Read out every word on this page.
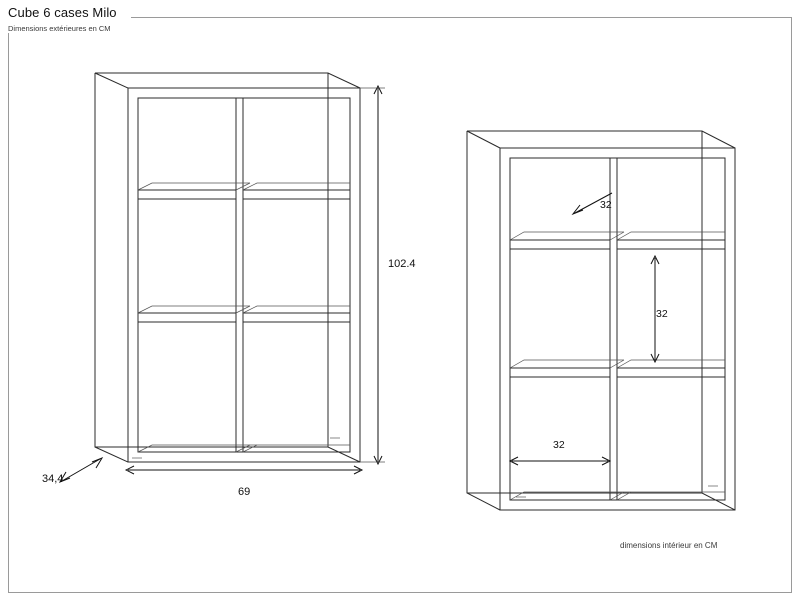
Cube 6 cases Milo
Dimensions extérieures en CM
102.4
69
34,4
32
32
32
dimensions intérieur en CM
